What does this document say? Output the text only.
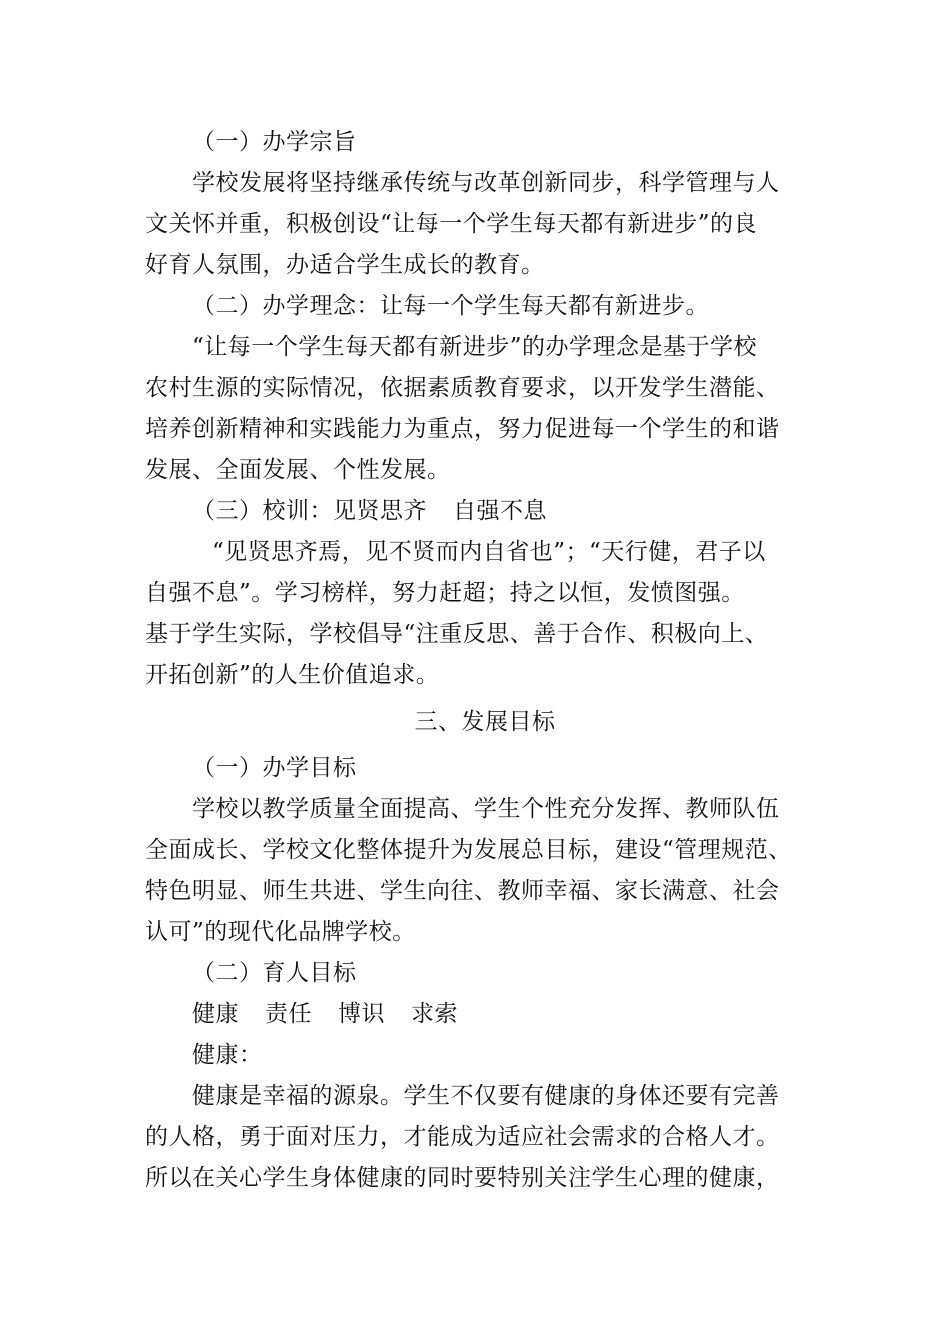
（一）办学宗旨
学校发展将坚持继承传统与改革创新同步，科学管理与人
文关怀并重，积极创设“让每一个学生每天都有新进步”的良
好育人氛围，办适合学生成长的教育。
（二）办学理念：让每一个学生每天都有新进步。
“让每一个学生每天都有新进步”的办学理念是基于学校
农村生源的实际情况，依据素质教育要求，以开发学生潜能、
培养创新精神和实践能力为重点，努力促进每一个学生的和谐
发展、全面发展、个性发展。
（三）校训：见贤思齐 自强不息
“见贤思齐焉，见不贤而内自省也”；“天行健，君子以
自强不息”。学习榜样，努力赶超；持之以恒，发愤图强。
基于学生实际，学校倡导“注重反思、善于合作、积极向上、
开拓创新”的人生价值追求。
三、发展目标
（一）办学目标
学校以教学质量全面提高、学生个性充分发挥、教师队伍
全面成长、学校文化整体提升为发展总目标，建设“管理规范、
特色明显、师生共进、学生向往、教师幸福、家长满意、社会
认可”的现代化品牌学校。
（二）育人目标
健康 责任 博识 求索
健康：
健康是幸福的源泉。学生不仅要有健康的身体还要有完善
的人格，勇于面对压力，才能成为适应社会需求的合格人才。
所以在关心学生身体健康的同时要特别关注学生心理的健康，
